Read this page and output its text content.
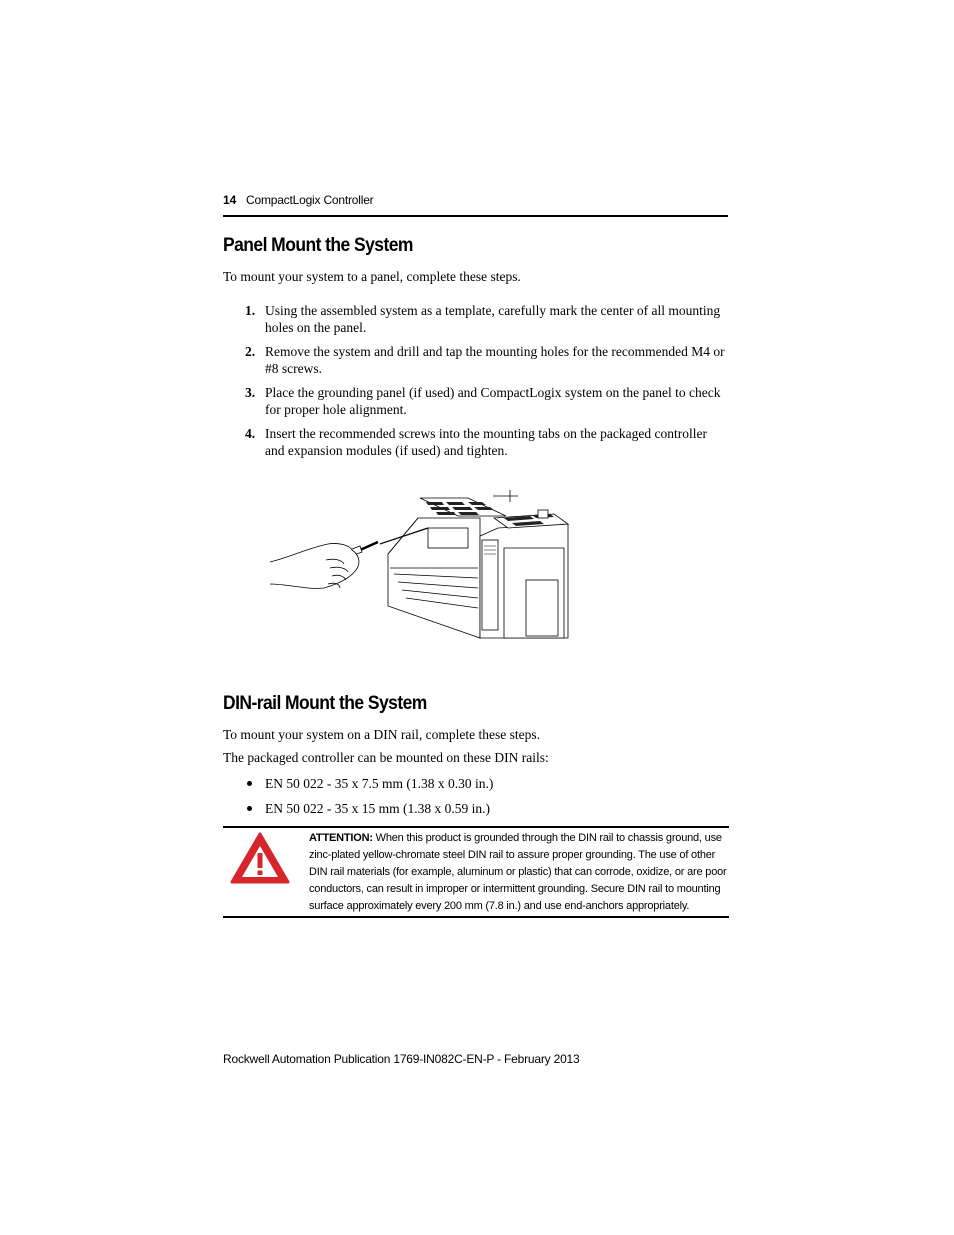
14 CompactLogix Controller
Panel Mount the System
To mount your system to a panel, complete these steps.
1. Using the assembled system as a template, carefully mark the center of all mounting holes on the panel.
2. Remove the system and drill and tap the mounting holes for the recommended M4 or #8 screws.
3. Place the grounding panel (if used) and CompactLogix system on the panel to check for proper hole alignment.
4. Insert the recommended screws into the mounting tabs on the packaged controller and expansion modules (if used) and tighten.
DIN-rail Mount the System
To mount your system on a DIN rail, complete these steps.
The packaged controller can be mounted on these DIN rails:
EN 50 022 - 35 x 7.5 mm (1.38 x 0.30 in.)
EN 50 022 - 35 x 15 mm (1.38 x 0.59 in.)
ATTENTION: When this product is grounded through the DIN rail to chassis ground, use zinc-plated yellow-chromate steel DIN rail to assure proper grounding. The use of other DIN rail materials (for example, aluminum or plastic) that can corrode, oxidize, or are poor conductors, can result in improper or intermittent grounding. Secure DIN rail to mounting surface approximately every 200 mm (7.8 in.) and use end-anchors appropriately.
Rockwell Automation Publication 1769-IN082C-EN-P - February 2013
